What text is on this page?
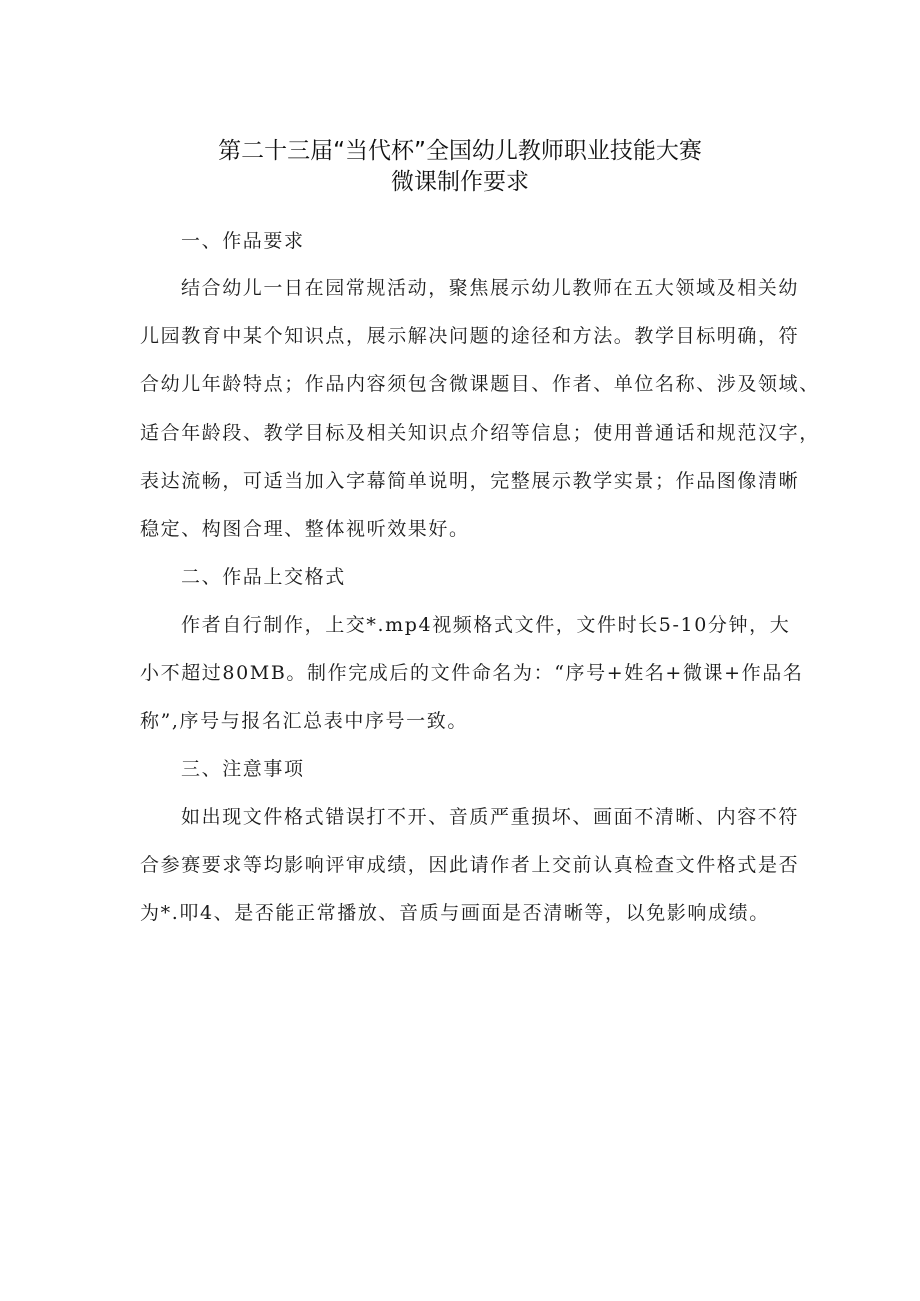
第二十三届“当代杯”全国幼儿教师职业技能大赛
微课制作要求
一、作品要求
结合幼儿一日在园常规活动，聚焦展示幼儿教师在五大领域及相关幼
儿园教育中某个知识点，展示解决问题的途径和方法。教学目标明确，符
合幼儿年龄特点；作品内容须包含微课题目、作者、单位名称、涉及领域、
适合年龄段、教学目标及相关知识点介绍等信息；使用普通话和规范汉字，
表达流畅，可适当加入字幕简单说明，完整展示教学实景；作品图像清晰
稳定、构图合理、整体视听效果好。
二、作品上交格式
作者自行制作，上交*.mp4视频格式文件，文件时长5-10分钟，大
小不超过80MB。制作完成后的文件命名为：“序号+姓名+微课+作品名
称”,序号与报名汇总表中序号一致。
三、注意事项
如出现文件格式错误打不开、音质严重损坏、画面不清晰、内容不符
合参赛要求等均影响评审成绩，因此请作者上交前认真检查文件格式是否
为*.叩4、是否能正常播放、音质与画面是否清晰等，以免影响成绩。
